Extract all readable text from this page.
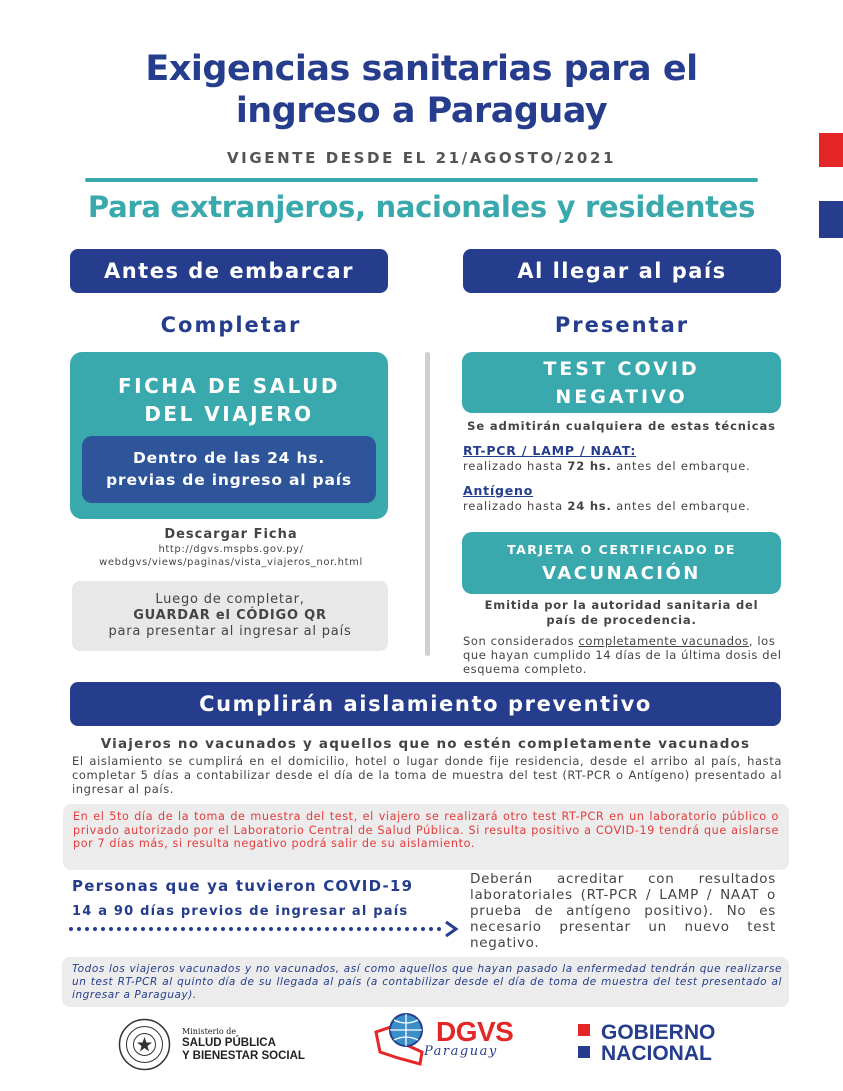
Exigencias sanitarias para el
ingreso a Paraguay
VIGENTE DESDE EL 21/AGOSTO/2021
Para extranjeros, nacionales y residentes
Antes de embarcar	Al llegar al país
Completar	Presentar
FICHA DE SALUD
DEL VIAJERO
Dentro de las 24 hs.
previas de ingreso al país
Descargar Ficha
http://dgvs.mspbs.gov.py/
webdgvs/views/paginas/vista_viajeros_nor.html
Luego de completar,
GUARDAR el CÓDIGO QR
para presentar al ingresar al país
TEST COVID
NEGATIVO
Se admitirán cualquiera de estas técnicas
RT-PCR / LAMP / NAAT:
realizado hasta 72 hs. antes del embarque.
Antígeno
realizado hasta 24 hs. antes del embarque.
TARJETA O CERTIFICADO DE
VACUNACIÓN
Emitida por la autoridad sanitaria del
país de procedencia.
Son considerados completamente vacunados, los que hayan cumplido 14 días de la última dosis del esquema completo.
Cumplirán aislamiento preventivo
Viajeros no vacunados y aquellos que no estén completamente vacunados
El aislamiento se cumplirá en el domicilio, hotel o lugar donde fije residencia, desde el arribo al país, hasta completar 5 días a contabilizar desde el día de la toma de muestra del test (RT-PCR o Antígeno) presentado al ingresar al país.
En el 5to día de la toma de muestra del test, el viajero se realizará otro test RT-PCR en un laboratorio público o privado autorizado por el Laboratorio Central de Salud Pública. Si resulta positivo a COVID-19 tendrá que aislarse por 7 días más, si resulta negativo podrá salir de su aislamiento.
Personas que ya tuvieron COVID-19
14 a 90 días previos de ingresar al país
Deberán acreditar con resultados laboratoriales (RT-PCR / LAMP / NAAT o prueba de antígeno positivo). No es necesario presentar un nuevo test negativo.
Todos los viajeros vacunados y no vacunados, así como aquellos que hayan pasado la enfermedad tendrán que realizarse un test RT-PCR al quinto día de su llegada al país (a contabilizar desde el día de toma de muestra del test presentado al ingresar a Paraguay).
Ministerio de
SALUD PÚBLICA
Y BIENESTAR SOCIAL
DGVS
Paraguay
GOBIERNO
NACIONAL
